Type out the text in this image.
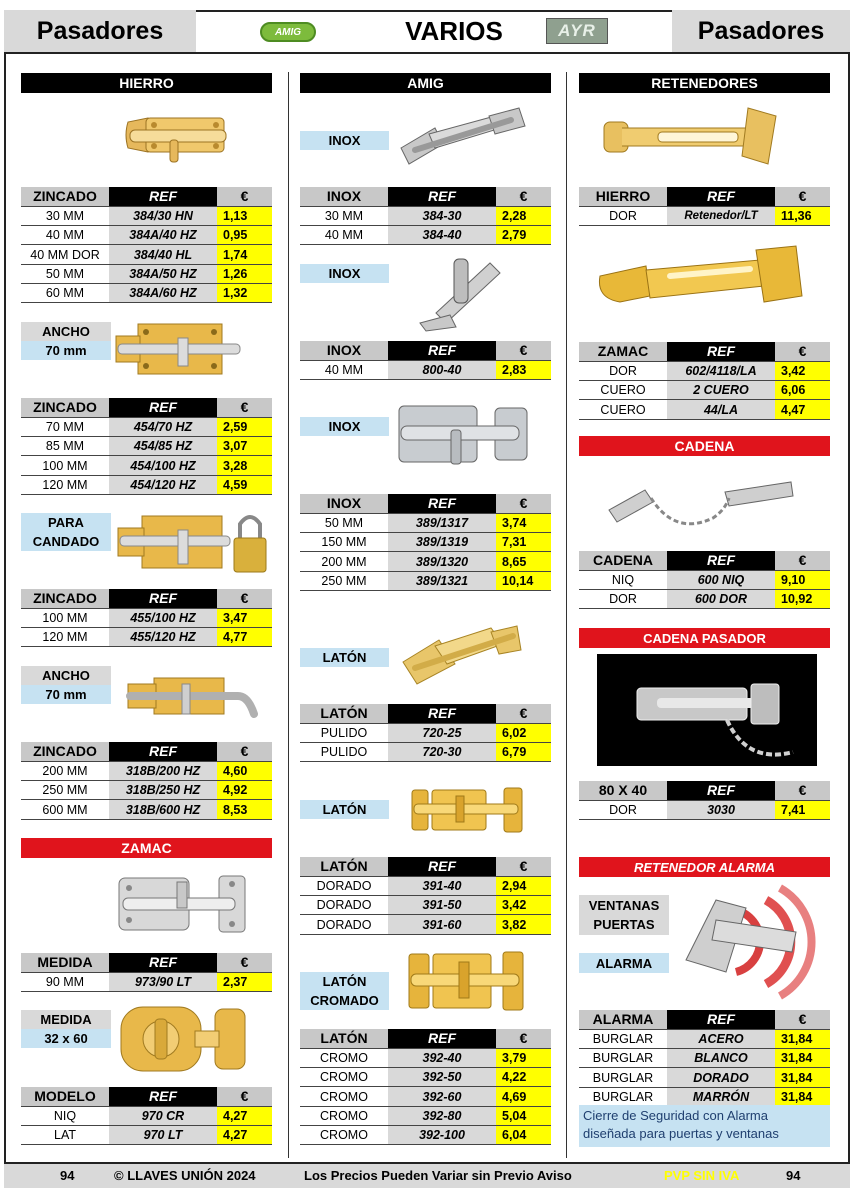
Pasadores	AMIG	VARIOS	AYR	Pasadores
HIERRO
ZINCADO	REF	€
30 MM	384/30 HN	1,13
40 MM	384A/40 HZ	0,95
40 MM DOR	384/40 HL	1,74
50 MM	384A/50 HZ	1,26
60 MM	384A/60 HZ	1,32
ANCHO
70 mm
ZINCADO	REF	€
70 MM	454/70 HZ	2,59
85 MM	454/85 HZ	3,07
100 MM	454/100 HZ	3,28
120 MM	454/120 HZ	4,59
PARA
CANDADO
ZINCADO	REF	€
100 MM	455/100 HZ	3,47
120 MM	455/120 HZ	4,77
ANCHO
70 mm
ZINCADO	REF	€
200 MM	318B/200 HZ	4,60
250 MM	318B/250 HZ	4,92
600 MM	318B/600 HZ	8,53
ZAMAC
MEDIDA	REF	€
90 MM	973/90 LT	2,37
MEDIDA
32 x 60
MODELO	REF	€
NIQ	970 CR	4,27
LAT	970 LT	4,27
AMIG
INOX
INOX	REF	€
30 MM	384-30	2,28
40 MM	384-40	2,79
INOX
INOX	REF	€
40 MM	800-40	2,83
INOX
INOX	REF	€
50 MM	389/1317	3,74
150 MM	389/1319	7,31
200 MM	389/1320	8,65
250 MM	389/1321	10,14
LATÓN
LATÓN	REF	€
PULIDO	720-25	6,02
PULIDO	720-30	6,79
LATÓN
LATÓN	REF	€
DORADO	391-40	2,94
DORADO	391-50	3,42
DORADO	391-60	3,82
LATÓN
CROMADO
LATÓN	REF	€
CROMO	392-40	3,79
CROMO	392-50	4,22
CROMO	392-60	4,69
CROMO	392-80	5,04
CROMO	392-100	6,04
RETENEDORES
HIERRO	REF	€
DOR	Retenedor/LT	11,36
ZAMAC	REF	€
DOR	602/4118/LA	3,42
CUERO	2 CUERO	6,06
CUERO	44/LA	4,47
CADENA
CADENA	REF	€
NIQ	600 NIQ	9,10
DOR	600 DOR	10,92
CADENA PASADOR
80 X 40	REF	€
DOR	3030	7,41
RETENEDOR ALARMA
VENTANAS
PUERTAS
ALARMA
ALARMA	REF	€
BURGLAR	ACERO	31,84
BURGLAR	BLANCO	31,84
BURGLAR	DORADO	31,84
BURGLAR	MARRÓN	31,84
Cierre de Seguridad con Alarma
diseñada para puertas y ventanas
94	© LLAVES UNIÓN 2024	Los Precios Pueden Variar sin Previo Aviso	PVP SIN IVA	94
